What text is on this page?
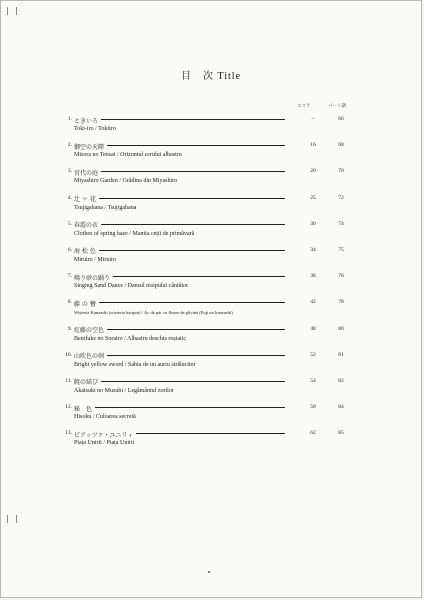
目　次 Title
スコア	パート譜
1. ときいろ	–	66
Toki-iro / Tokiiro
2. 御空の天際	16	68
Misora no Tensai / Orizontul cerului albastru
3. 宮代の庭	20	70
Miyashiro Garden / Grădina din Miyashiro
4. 辻 ヶ 花	25	72
Tsujigahana / Tsujigahana
5. 春霞の衣	30	74
Clothes of spring haze / Mantia ceții de primăvară
6. 海 松 色	34	75
Miruiro / Miruiro
7. 鳴り砂の踊り	38	76
Singing Sand Dance / Dansul nisipului cântător
8. 藤 の 簪	42	78
Wisteria Kanzashi (wisteria hairpin) / Ac de păr cu floare de glicină (Fuji no kanzashi)
9. 紅藤の空色	48	80
Benifuke no Sorairo / Albastru deschis roșiatic
10. 山吹色の剣	52	81
Bright yellow sword / Sabia de un auriu strălucitor
11. 暁の結び	54	82
Akatsuki no Musubi / Legământul zorilor
12. 秘　色	58	84
Hisoku / Culoarea secretă
13. ピアッツァ・ユニリィ	62	85
Piața Unirii / Piața Unirii
